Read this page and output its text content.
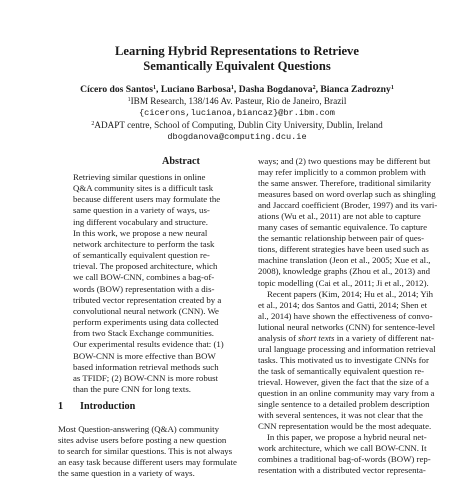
Learning Hybrid Representations to Retrieve
Semantically Equivalent Questions
Cícero dos Santos$^1$, Luciano Barbosa$^1$, Dasha Bogdanova$^2$, Bianca Zadrozny$^1$
$^1$IBM Research, 138/146 Av. Pasteur, Rio de Janeiro, Brazil
{cicerons,lucianoa,biancaz}@br.ibm.com
$^2$ADAPT centre, School of Computing, Dublin City University, Dublin, Ireland
dbogdanova@computing.dcu.ie
Abstract
Retrieving similar questions in online
Q&A community sites is a difficult task
because different users may formulate the
same question in a variety of ways, us-
ing different vocabulary and structure.
In this work, we propose a new neural
network architecture to perform the task
of semantically equivalent question re-
trieval. The proposed architecture, which
we call BOW-CNN, combines a bag-of-
words (BOW) representation with a dis-
tributed vector representation created by a
convolutional neural network (CNN). We
perform experiments using data collected
from two Stack Exchange communities.
Our experimental results evidence that: (1)
BOW-CNN is more effective than BOW
based information retrieval methods such
as TFIDF; (2) BOW-CNN is more robust
than the pure CNN for long texts.
1 Introduction
Most Question-answering (Q&A) community
sites advise users before posting a new question
to search for similar questions. This is not always
an easy task because different users may formulate
the same question in a variety of ways.
ways; and (2) two questions may be different but
may refer implicitly to a common problem with
the same answer. Therefore, traditional similarity
measures based on word overlap such as shingling
and Jaccard coefficient (Broder, 1997) and its vari-
ations (Wu et al., 2011) are not able to capture
many cases of semantic equivalence. To capture
the semantic relationship between pair of ques-
tions, different strategies have been used such as
machine translation (Jeon et al., 2005; Xue et al.,
2008), knowledge graphs (Zhou et al., 2013) and
topic modelling (Cai et al., 2011; Ji et al., 2012).
Recent papers (Kim, 2014; Hu et al., 2014; Yih
et al., 2014; dos Santos and Gatti, 2014; Shen et
al., 2014) have shown the effectiveness of convo-
lutional neural networks (CNN) for sentence-level
analysis of short texts in a variety of different nat-
ural language processing and information retrieval
tasks. This motivated us to investigate CNNs for
the task of semantically equivalent question re-
trieval. However, given the fact that the size of a
question in an online community may vary from a
single sentence to a detailed problem description
with several sentences, it was not clear that the
CNN representation would be the most adequate.
In this paper, we propose a hybrid neural net-
work architecture, which we call BOW-CNN. It
combines a traditional bag-of-words (BOW) rep-
resentation with a distributed vector representa-
